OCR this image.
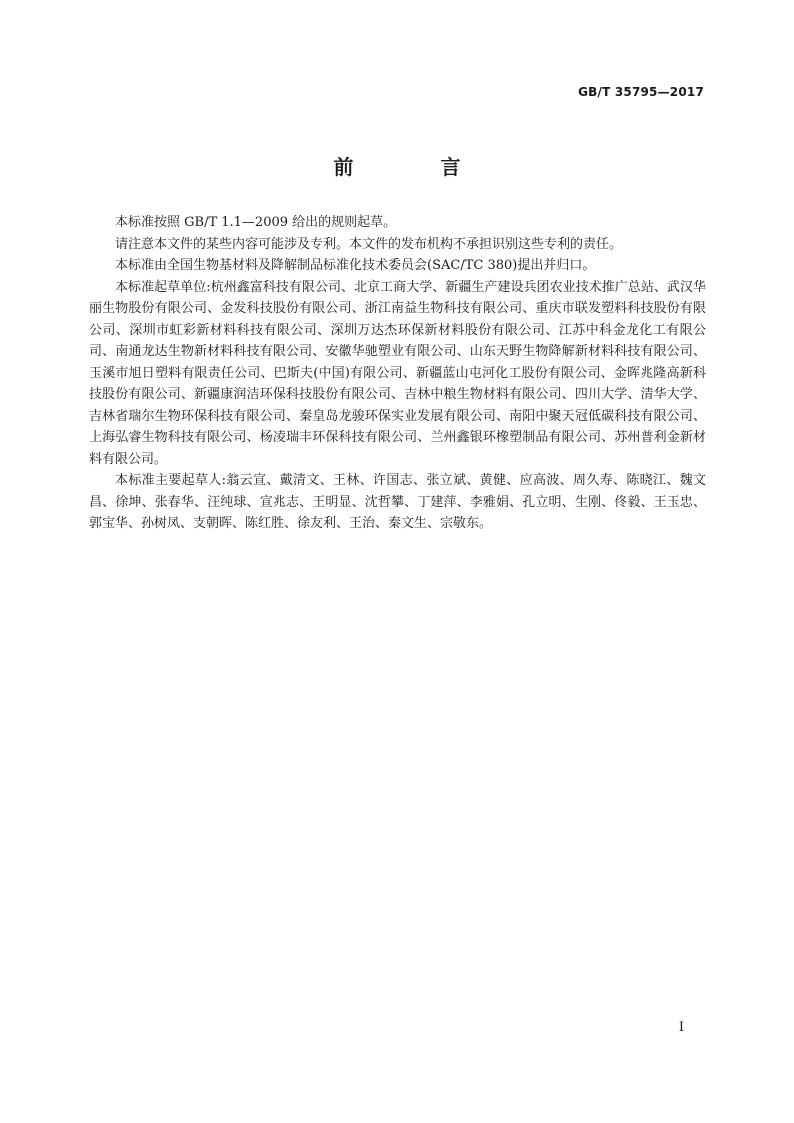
GB/T 35795—2017
前 言

本标准按照 GB/T 1.1—2009 给出的规则起草。

请注意本文件的某些内容可能涉及专利。本文件的发布机构不承担识别这些专利的责任。

本标准由全国生物基材料及降解制品标准化技术委员会(SAC/TC 380)提出并归口。

本标准起草单位:杭州鑫富科技有限公司、北京工商大学、新疆生产建设兵团农业技术推广总站、武汉华丽生物股份有限公司、金发科技股份有限公司、浙江南益生物科技有限公司、重庆市联发塑料科技股份有限公司、深圳市虹彩新材料科技有限公司、深圳万达杰环保新材料股份有限公司、江苏中科金龙化工有限公司、南通龙达生物新材料科技有限公司、安徽华驰塑业有限公司、山东天野生物降解新材料科技有限公司、玉溪市旭日塑料有限责任公司、巴斯夫(中国)有限公司、新疆蓝山屯河化工股份有限公司、金晖兆隆高新科技股份有限公司、新疆康润洁环保科技股份有限公司、吉林中粮生物材料有限公司、四川大学、清华大学、吉林省瑞尔生物环保科技有限公司、秦皇岛龙骏环保实业发展有限公司、南阳中聚天冠低碳科技有限公司、上海弘睿生物科技有限公司、杨凌瑞丰环保科技有限公司、兰州鑫银环橡塑制品有限公司、苏州普利金新材料有限公司。

本标准主要起草人:翁云宣、戴清文、王林、许国志、张立斌、黄健、应高波、周久寿、陈晓江、魏文昌、徐坤、张春华、汪纯球、宣兆志、王明显、沈哲攀、丁建萍、李雅娟、孔立明、生刚、佟毅、王玉忠、郭宝华、孙树凤、支朝晖、陈红胜、徐友利、王治、秦文生、宗敬东。

I
